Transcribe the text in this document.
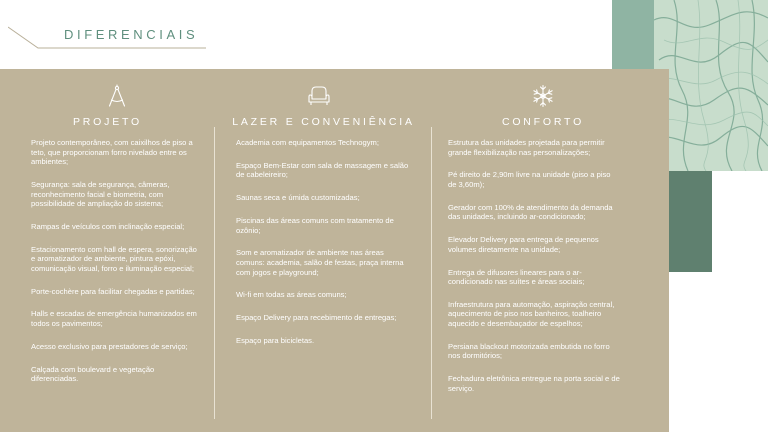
DIFERENCIAIS
PROJETO
Projeto contemporâneo, com caixilhos de piso a teto, que proporcionam forro nivelado entre os ambientes;
Segurança: sala de segurança, câmeras, reconhecimento facial e biometria, com possibilidade de ampliação do sistema;
Rampas de veículos com inclinação especial;
Estacionamento com hall de espera, sonorização e aromatizador de ambiente, pintura epóxi, comunicação visual, forro e iluminação especial;
Porte-cochère para facilitar chegadas e partidas;
Halls e escadas de emergência humanizados em todos os pavimentos;
Acesso exclusivo para prestadores de serviço;
Calçada com boulevard e vegetação diferenciadas.
LAZER E CONVENIÊNCIA
Academia com equipamentos Technogym;
Espaço Bem-Estar com sala de massagem e salão de cabeleireiro;
Saunas seca e úmida customizadas;
Piscinas das áreas comuns com tratamento de ozônio;
Som e aromatizador de ambiente nas áreas comuns: academia, salão de festas, praça interna com jogos e playground;
Wi-fi em todas as áreas comuns;
Espaço Delivery para recebimento de entregas;
Espaço para bicicletas.
CONFORTO
Estrutura das unidades projetada para permitir grande flexibilização nas personalizações;
Pé direito de 2,90m livre na unidade (piso a piso de 3,60m);
Gerador com 100% de atendimento da demanda das unidades, incluindo ar-condicionado;
Elevador Delivery para entrega de pequenos volumes diretamente na unidade;
Entrega de difusores lineares para o ar-condicionado nas suítes e áreas sociais;
Infraestrutura para automação, aspiração central, aquecimento de piso nos banheiros, toalheiro aquecido e desembaçador de espelhos;
Persiana blackout motorizada embutida no forro nos dormitórios;
Fechadura eletrônica entregue na porta social e de serviço.
